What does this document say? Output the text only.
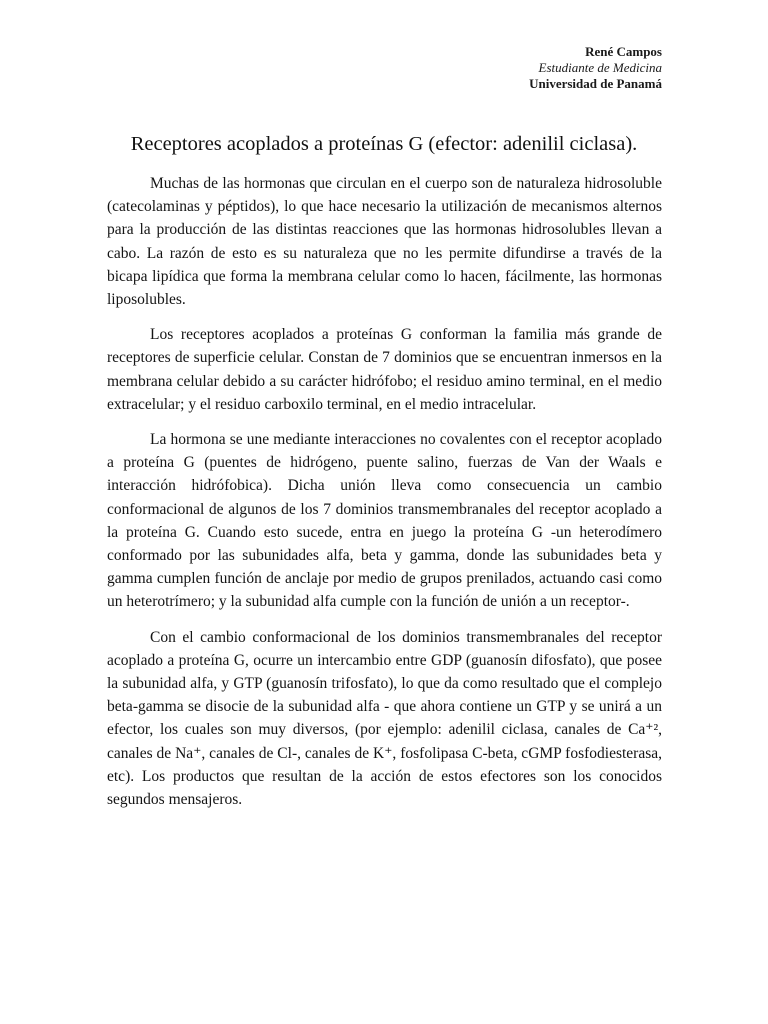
René Campos
Estudiante de Medicina
Universidad de Panamá
Receptores acoplados a proteínas G (efector: adenilil ciclasa).

Muchas de las hormonas que circulan en el cuerpo son de naturaleza hidrosoluble (catecolaminas y péptidos), lo que hace necesario la utilización de mecanismos alternos para la producción de las distintas reacciones que las hormonas hidrosolubles llevan a cabo. La razón de esto es su naturaleza que no les permite difundirse a través de la bicapa lipídica que forma la membrana celular como lo hacen, fácilmente, las hormonas liposolubles.

Los receptores acoplados a proteínas G conforman la familia más grande de receptores de superficie celular. Constan de 7 dominios que se encuentran inmersos en la membrana celular debido a su carácter hidrófobo; el residuo amino terminal, en el medio extracelular; y el residuo carboxilo terminal, en el medio intracelular.

La hormona se une mediante interacciones no covalentes con el receptor acoplado a proteína G (puentes de hidrógeno, puente salino, fuerzas de Van der Waals e interacción hidrófobica). Dicha unión lleva como consecuencia un cambio conformacional de algunos de los 7 dominios transmembranales del receptor acoplado a la proteína G. Cuando esto sucede, entra en juego la proteína G -un heterodímero conformado por las subunidades alfa, beta y gamma, donde las subunidades beta y gamma cumplen función de anclaje por medio de grupos prenilados, actuando casi como un heterotrímero; y la subunidad alfa cumple con la función de unión a un receptor-.

Con el cambio conformacional de los dominios transmembranales del receptor acoplado a proteína G, ocurre un intercambio entre GDP (guanosín difosfato), que posee la subunidad alfa, y GTP (guanosín trifosfato), lo que da como resultado que el complejo beta-gamma se disocie de la subunidad alfa - que ahora contiene un GTP y se unirá a un efector, los cuales son muy diversos, (por ejemplo: adenilil ciclasa, canales de Ca⁺², canales de Na⁺, canales de Cl-, canales de K⁺, fosfolipasa C-beta, cGMP fosfodiesterasa, etc). Los productos que resultan de la acción de estos efectores son los conocidos segundos mensajeros.
